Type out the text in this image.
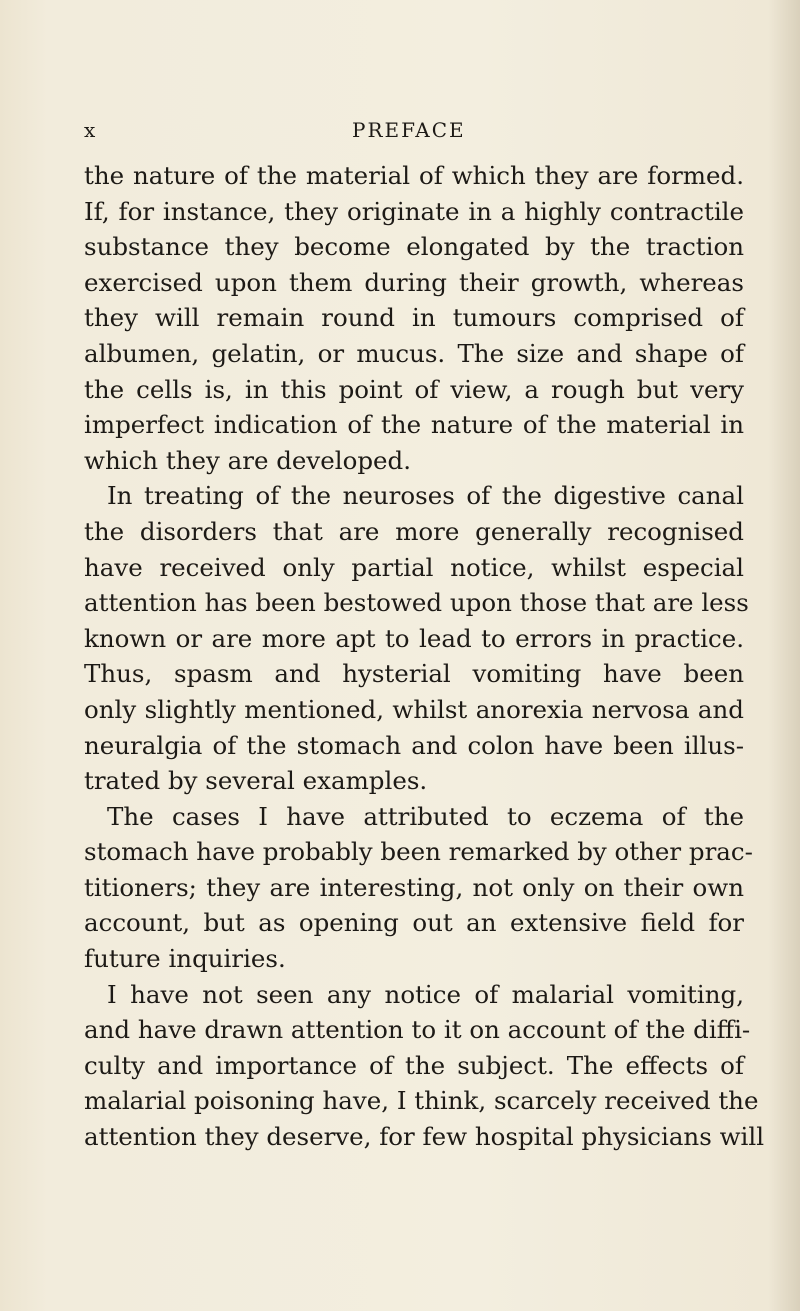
x	PREFACE
the nature of the material of which they are formed.
If, for instance, they originate in a highly contractile
substance they become elongated by the traction
exercised upon them during their growth, whereas
they will remain round in tumours comprised of
albumen, gelatin, or mucus. The size and shape of
the cells is, in this point of view, a rough but very
imperfect indication of the nature of the material in
which they are developed.
In treating of the neuroses of the digestive canal
the disorders that are more generally recognised
have received only partial notice, whilst especial
attention has been bestowed upon those that are less
known or are more apt to lead to errors in practice.
Thus, spasm and hysterial vomiting have been
only slightly mentioned, whilst anorexia nervosa and
neuralgia of the stomach and colon have been illus-
trated by several examples.
The cases I have attributed to eczema of the
stomach have probably been remarked by other prac-
titioners; they are interesting, not only on their own
account, but as opening out an extensive field for
future inquiries.
I have not seen any notice of malarial vomiting,
and have drawn attention to it on account of the diffi-
culty and importance of the subject. The effects of
malarial poisoning have, I think, scarcely received the
attention they deserve, for few hospital physicians will
